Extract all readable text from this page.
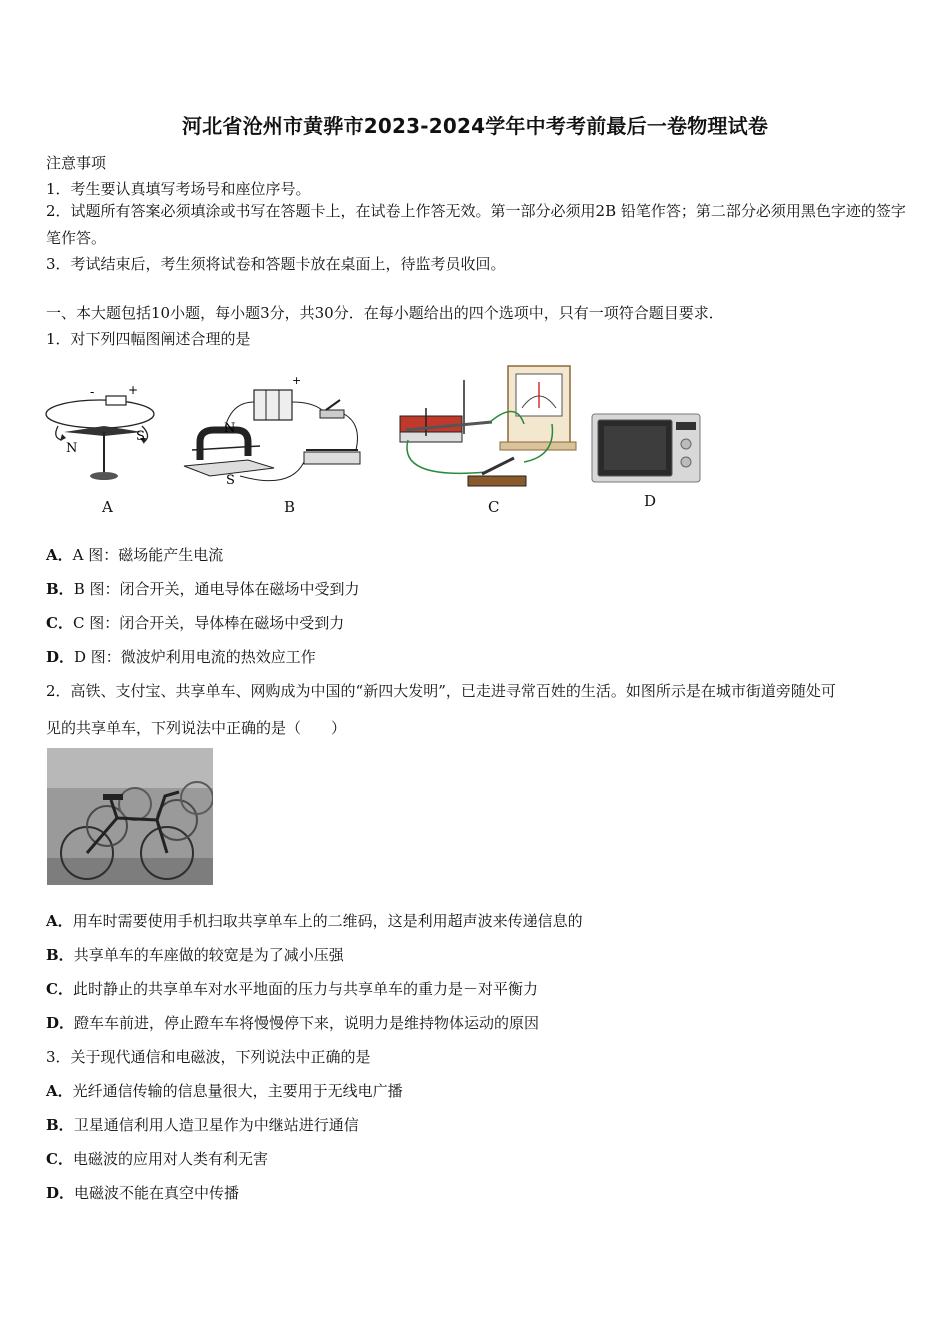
河北省沧州市黄骅市2023-2024学年中考考前最后一卷物理试卷
注意事项
1．考生要认真填写考场号和座位序号。
2．试题所有答案必须填涂或书写在答题卡上，在试卷上作答无效。第一部分必须用2B 铅笔作答；第二部分必须用黑色字迹的签字笔作答。
3．考试结束后，考生须将试卷和答题卡放在桌面上，待监考员收回。
一、本大题包括10小题，每小题3分，共30分．在每小题给出的四个选项中，只有一项符合题目要求．
1．对下列四幅图阐述合理的是
-	+
N
S
A
+
N
S
B	C	D
A．A 图：磁场能产生电流
B．B 图：闭合开关，通电导体在磁场中受到力
C．C 图：闭合开关，导体棒在磁场中受到力
D．D 图：微波炉利用电流的热效应工作
2．高铁、支付宝、共享单车、网购成为中国的“新四大发明”，已走进寻常百姓的生活。如图所示是在城市街道旁随处可
见的共享单车，下列说法中正确的是（　　）
A．用车时需要使用手机扫取共享单车上的二维码，这是利用超声波来传递信息的
B．共享单车的车座做的较宽是为了减小压强
C．此时静止的共享单车对水平地面的压力与共享单车的重力是－对平衡力
D．蹬车车前进，停止蹬车车将慢慢停下来，说明力是维持物体运动的原因
3．关于现代通信和电磁波，下列说法中正确的是
A．光纤通信传输的信息量很大，主要用于无线电广播
B．卫星通信利用人造卫星作为中继站进行通信
C．电磁波的应用对人类有利无害
D．电磁波不能在真空中传播
